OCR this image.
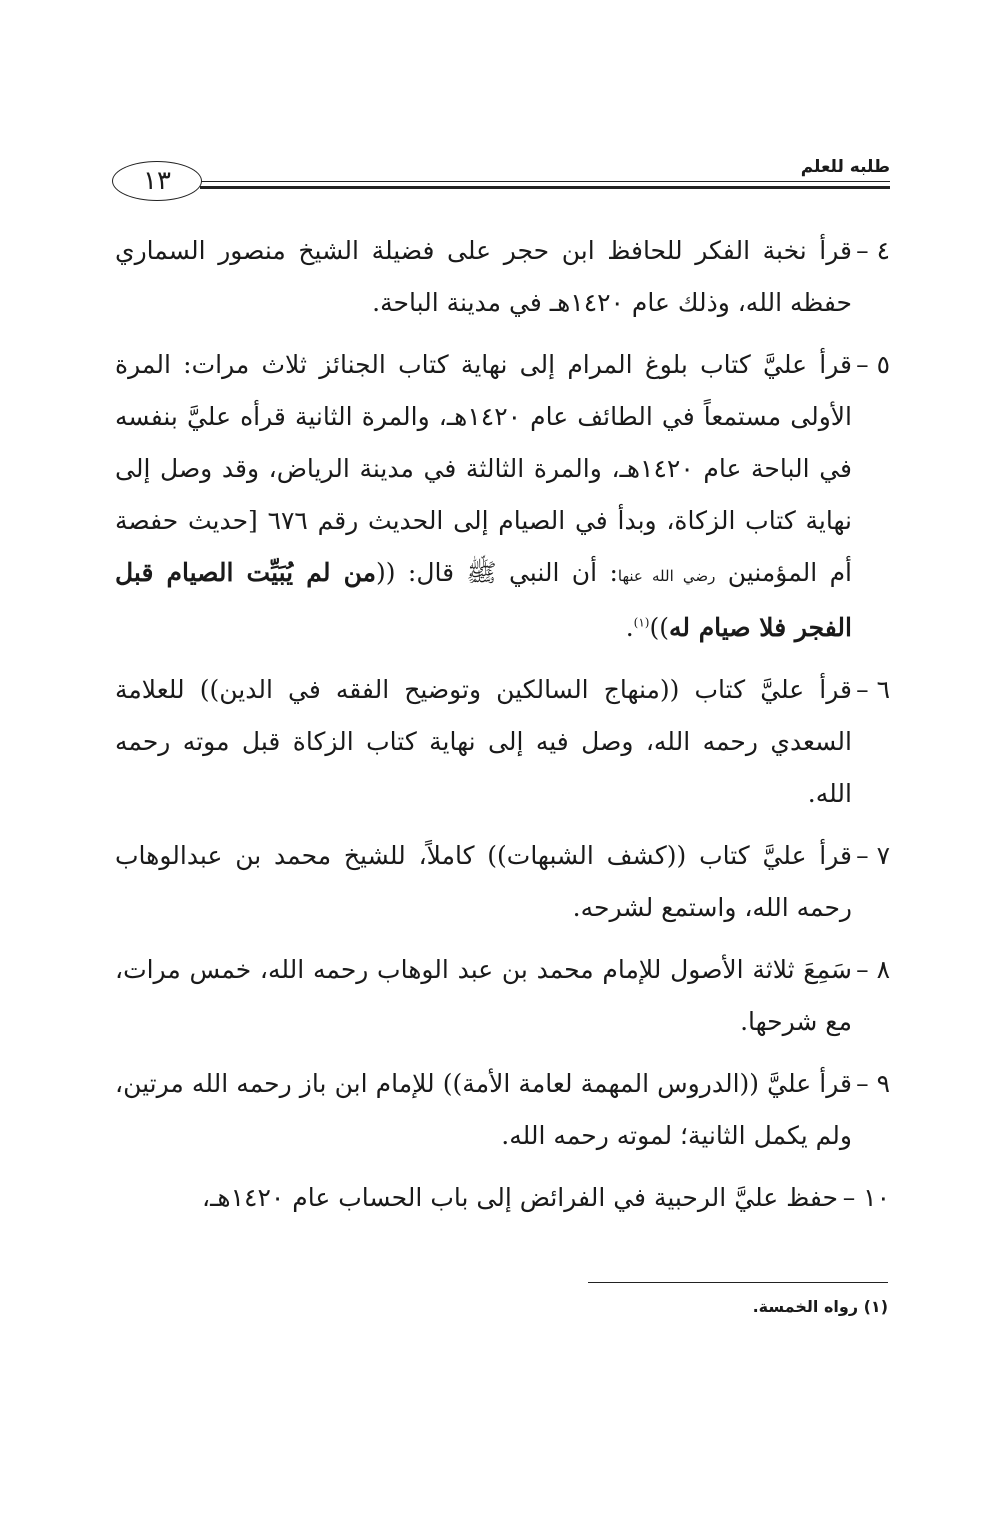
طلبه للعلم
١٣
٤ –
قرأ نخبة الفكر للحافظ ابن حجر على فضيلة الشيخ منصور السماري حفظه الله، وذلك عام ١٤٢٠هـ في مدينة الباحة.
٥ –
قرأ عليَّ كتاب بلوغ المرام إلى نهاية كتاب الجنائز ثلاث مرات: المرة الأولى مستمعاً في الطائف عام ١٤٢٠هـ، والمرة الثانية قرأه عليَّ بنفسه في الباحة عام ١٤٢٠هـ، والمرة الثالثة في مدينة الرياض، وقد وصل إلى نهاية كتاب الزكاة، وبدأ في الصيام إلى الحديث رقم ٦٧٦ [حديث حفصة أم المؤمنين رضي الله عنها: أن النبي ﷺ قال: ((من لم يُبَيِّت الصيام قبل الفجر فلا صيام له))$^{(١)}$.
٦ –
قرأ عليَّ كتاب ((منهاج السالكين وتوضيح الفقه في الدين)) للعلامة السعدي رحمه الله، وصل فيه إلى نهاية كتاب الزكاة قبل موته رحمه الله.
٧ –
قرأ عليَّ كتاب ((كشف الشبهات)) كاملاً، للشيخ محمد بن عبدالوهاب رحمه الله، واستمع لشرحه.
٨ –
سَمِعَ ثلاثة الأصول للإمام محمد بن عبد الوهاب رحمه الله، خمس مرات، مع شرحها.
٩ –
قرأ عليَّ ((الدروس المهمة لعامة الأمة)) للإمام ابن باز رحمه الله مرتين، ولم يكمل الثانية؛ لموته رحمه الله.
١٠ –
حفظ عليَّ الرحبية في الفرائض إلى باب الحساب عام ١٤٢٠هـ،
(١) رواه الخمسة.
